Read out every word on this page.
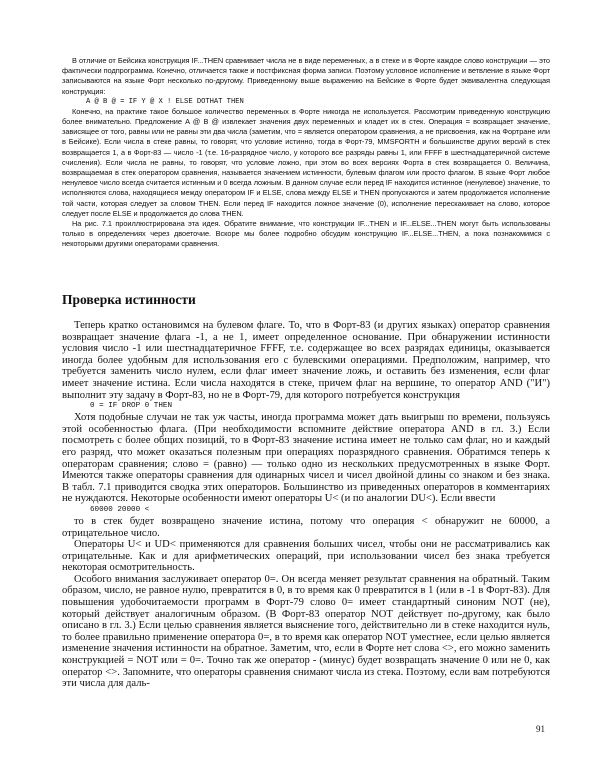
В отличие от Бейсика конструкция IF...THEN сравнивает числа не в виде переменных, а в стеке и в Форте каждое слово конструкции — это фактически подпрограмма. Конечно, отличается также и постфиксная форма записи. Поэтому условное исполнение и ветвление в языке Форт записываются на языке Форт несколько по-другому. Приведенному выше выражению на Бейсике в Форте будет эквивалентна следующая конструкция:

A @ B @ = IF Y @ X ! ELSE DOTHAT THEN

Конечно, на практике такое большое количество переменных в Форте никогда не используется. Рассмотрим приведенную конструкцию более внимательно. Предложение A @ B @ извлекает значения двух переменных и кладет их в стек. Операция = возвращает значение, зависящее от того, равны или не равны эти два числа (заметим, что = является оператором сравнения, а не присвоения, как на Фортране или в Бейсике). Если числа в стеке равны, то говорят, что условие истинно, тогда в Форт-79, MMSFORTH и большинстве других версий в стек возвращается 1, а в Форт-83 — число -1 (т.е. 16-разрядное число, у которого все разряды равны 1, или FFFF в шестнадцатеричной системе счисления). Если числа не равны, то говорят, что условие ложно, при этом во всех версиях Форта в стек возвращается 0. Величина, возвращаемая в стек оператором сравнения, называется значением истинности, булевым флагом или просто флагом. В языке Форт любое ненулевое число всегда считается истинным и 0 всегда ложным. В данном случае если перед IF находится истинное (ненулевое) значение, то исполняются слова, находящиеся между оператором IF и ELSE, слова между ELSE и THEN пропускаются и затем продолжается исполнение той части, которая следует за словом THEN. Если перед IF находится ложное значение (0), исполнение перескакивает на слово, которое следует после ELSE и продолжается до слова THEN.

На рис. 7.1 проиллюстрирована эта идея. Обратите внимание, что конструкции IF...THEN и IF...ELSE...THEN могут быть использованы только в определениях через двоеточие. Вскоре мы более подробно обсудим конструкцию IF...ELSE...THEN, а пока познакомимся с некоторыми другими операторами сравнения.

Проверка истинности

Теперь кратко остановимся на булевом флаге. То, что в Форт-83 (и других языках) оператор сравнения возвращает значение флага -1, а не 1, имеет определенное основание. При обнаружении истинности условия число -1 или шестнадцатеричное FFFF, т.е. содержащее во всех разрядах единицы, оказывается иногда более удобным для использования его с булевскими операциями. Предположим, например, что требуется заменить число нулем, если флаг имеет значение ложь, и оставить без изменения, если флаг имеет значение истина. Если числа находятся в стеке, причем флаг на вершине, то оператор AND ("И") выполнит эту задачу в Форт-83, но не в Форт-79, для которого потребуется конструкция

0 = IF DROP 0 THEN

Хотя подобные случаи не так уж часты, иногда программа может дать выигрыш по времени, пользуясь этой особенностью флага. (При необходимости вспомните действие оператора AND в гл. 3.) Если посмотреть с более общих позиций, то в Форт-83 значение истина имеет не только сам флаг, но и каждый его разряд, что может оказаться полезным при операциях поразрядного сравнения. Обратимся теперь к операторам сравнения; слово = (равно) — только одно из нескольких предусмотренных в языке Форт. Имеются также операторы сравнения для одинарных чисел и чисел двойной длины со знаком и без знака. В табл. 7.1 приводится сводка этих операторов. Большинство из приведенных операторов в комментариях не нуждаются. Некоторые особенности имеют операторы U< (и по аналогии DU<). Если ввести

60000 20000 <

то в стек будет возвращено значение истина, потому что операция < обнаружит не 60000, а отрицательное число.

Операторы U< и UD< применяются для сравнения больших чисел, чтобы они не рассматривались как отрицательные. Как и для арифметических операций, при использовании чисел без знака требуется некоторая осмотрительность.

Особого внимания заслуживает оператор 0=. Он всегда меняет результат сравнения на обратный. Таким образом, число, не равное нулю, превратится в 0, в то время как 0 превратится в 1 (или в -1 в Форт-83). Для повышения удобочитаемости программ в Форт-79 слово 0= имеет стандартный синоним NOT (не), который действует аналогичным образом. (В Форт-83 оператор NOT действует по-другому, как было описано в гл. 3.) Если целью сравнения является выяснение того, действительно ли в стеке находится нуль, то более правильно применение оператора 0=, в то время как оператор NOT уместнее, если целью является изменение значения истинности на обратное. Заметим, что, если в Форте нет слова <>, его можно заменить конструкцией = NOT или = 0=. Точно так же оператор - (минус) будет возвращать значение 0 или не 0, как оператор <>. Запомните, что операторы сравнения снимают числа из стека. Поэтому, если вам потребуются эти числа для даль-

91
